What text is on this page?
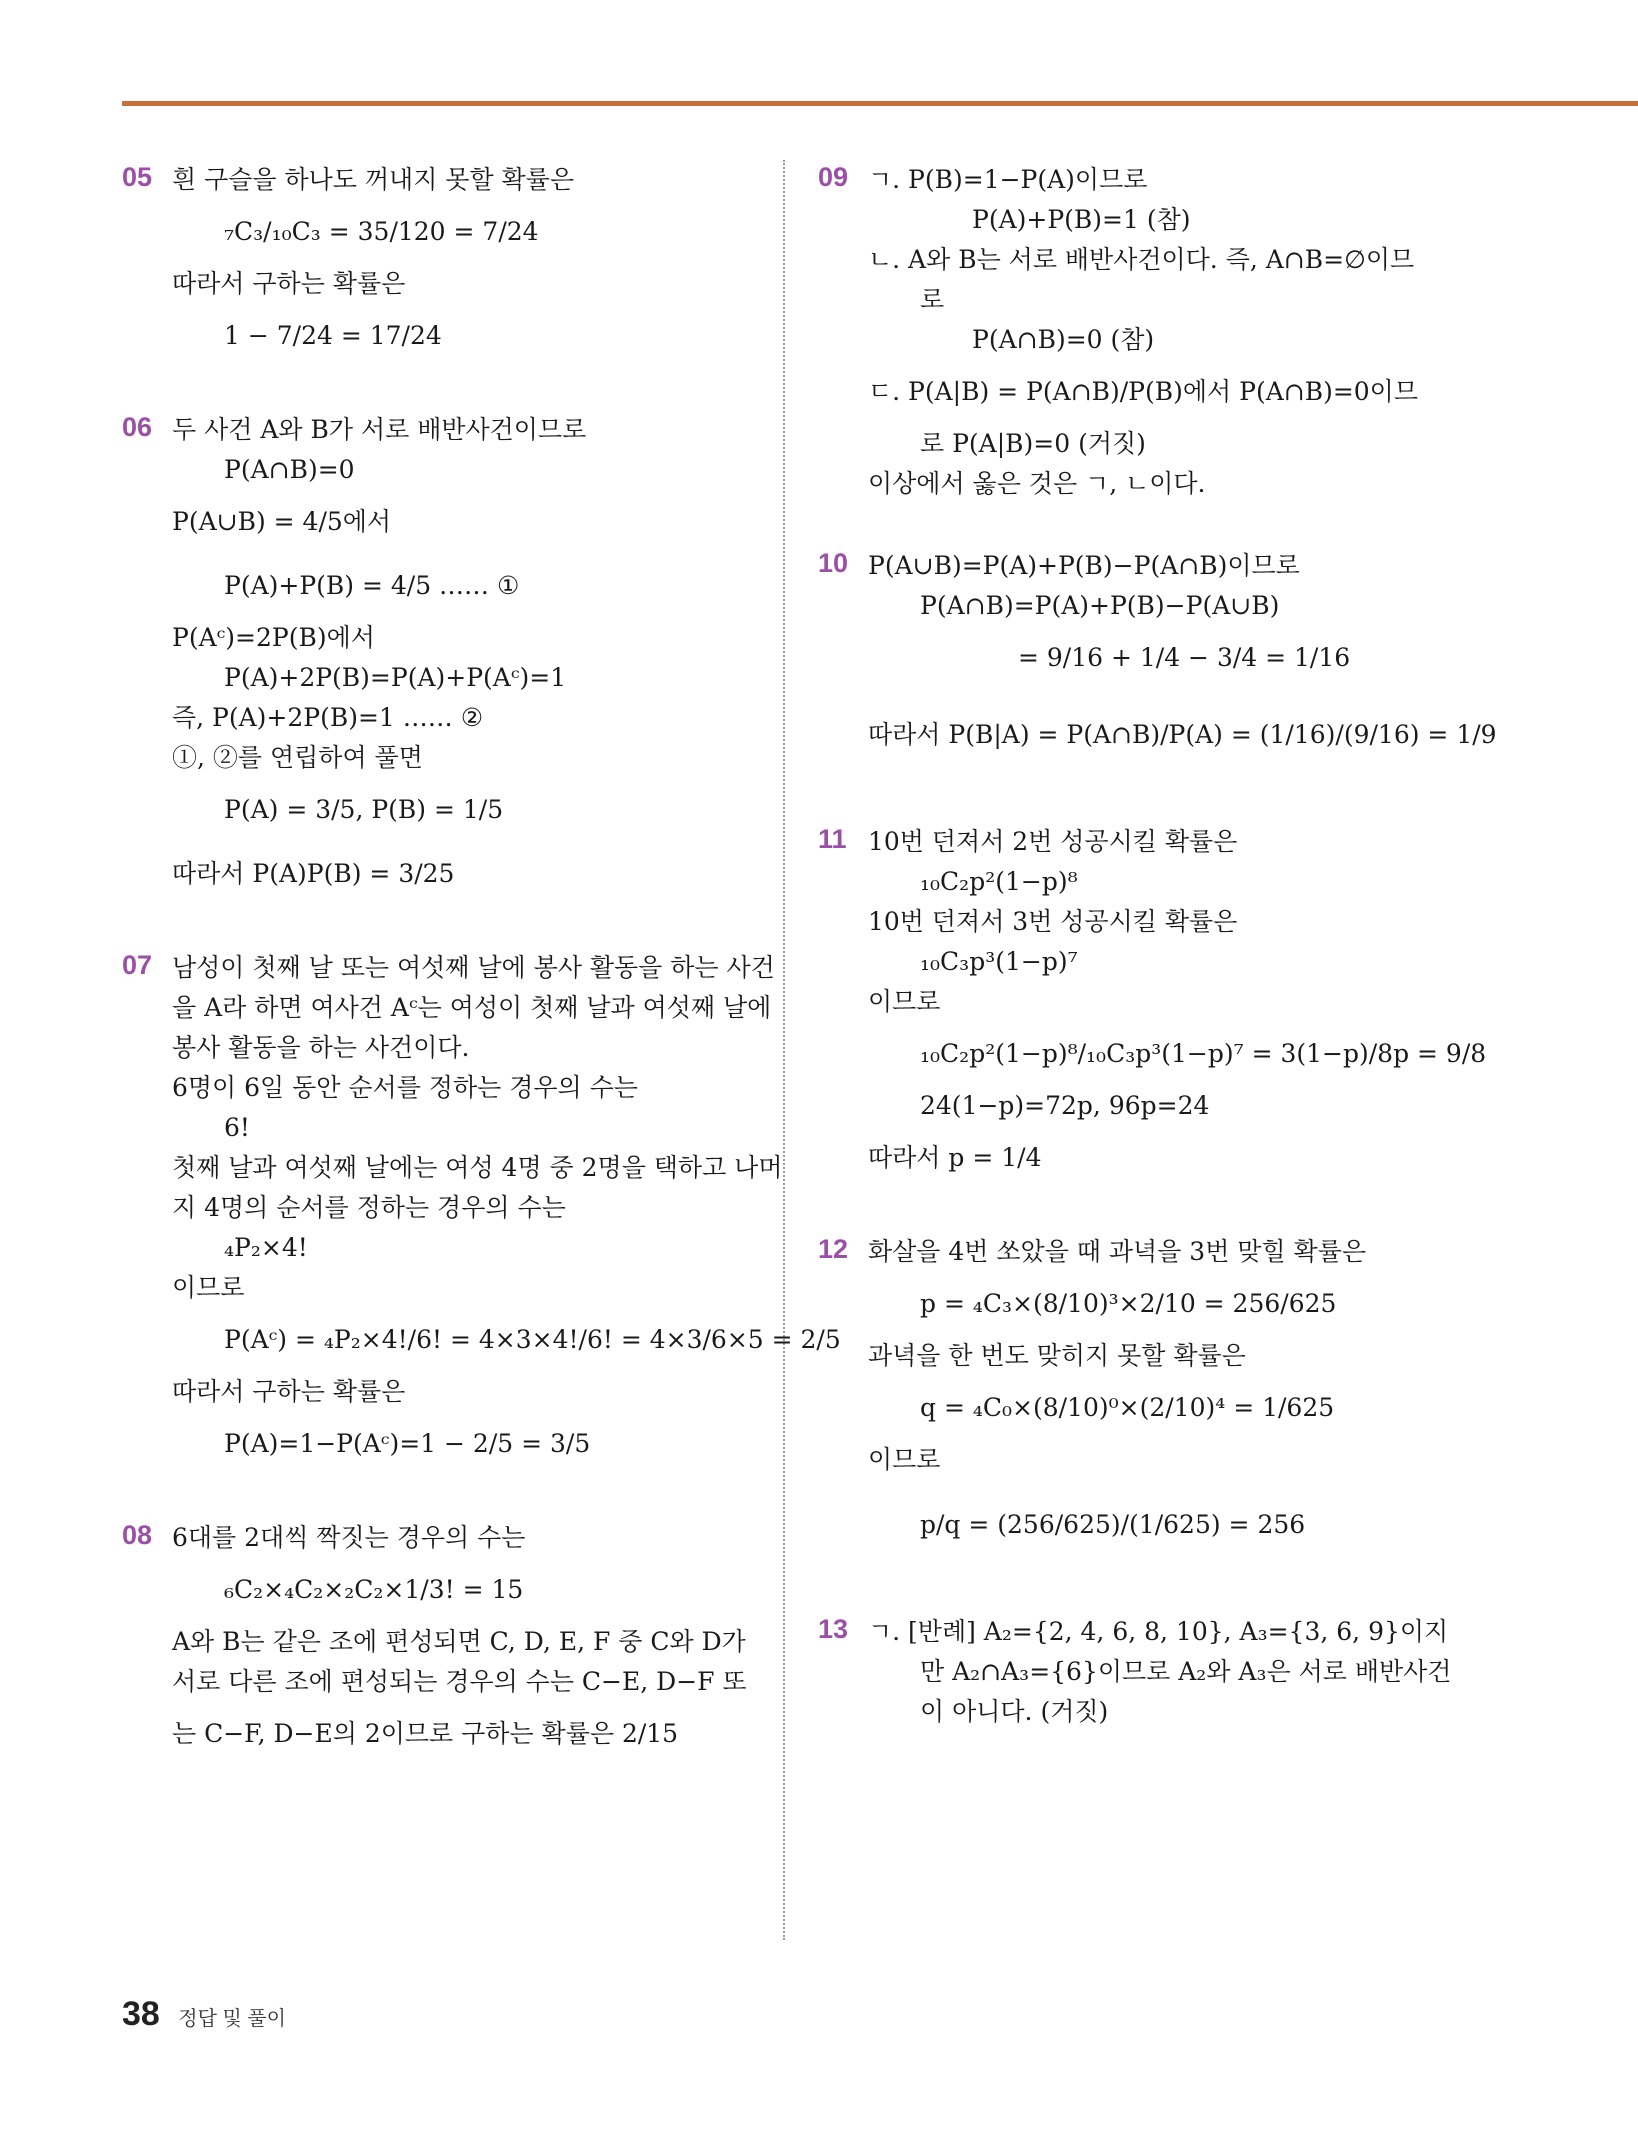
05 흰 구슬을 하나도 꺼내지 못할 확률은
₇C₃/₁₀C₃ = 35/120 = 7/24
따라서 구하는 확률은
1 − 7/24 = 17/24
06 두 사건 A와 B가 서로 배반사건이므로
P(A∩B)=0
P(A∪B) = 4/5에서
P(A)+P(B) = 4/5 …… ①
P(Aᶜ)=2P(B)에서
P(A)+2P(B)=P(A)+P(Aᶜ)=1
즉, P(A)+2P(B)=1 …… ②
①, ②를 연립하여 풀면
P(A) = 3/5, P(B) = 1/5
따라서 P(A)P(B) = 3/25
07 남성이 첫째 날 또는 여섯째 날에 봉사 활동을 하는 사건
을 A라 하면 여사건 Aᶜ는 여성이 첫째 날과 여섯째 날에
봉사 활동을 하는 사건이다.
6명이 6일 동안 순서를 정하는 경우의 수는
6!
첫째 날과 여섯째 날에는 여성 4명 중 2명을 택하고 나머
지 4명의 순서를 정하는 경우의 수는
₄P₂×4!
이므로
P(Aᶜ) = ₄P₂×4!/6! = 4×3×4!/6! = 4×3/6×5 = 2/5
따라서 구하는 확률은
P(A)=1−P(Aᶜ)=1 − 2/5 = 3/5
08 6대를 2대씩 짝짓는 경우의 수는
₆C₂×₄C₂×₂C₂×1/3! = 15
A와 B는 같은 조에 편성되면 C, D, E, F 중 C와 D가
서로 다른 조에 편성되는 경우의 수는 C−E, D−F 또
는 C−F, D−E의 2이므로 구하는 확률은 2/15
09 ㄱ. P(B)=1−P(A)이므로
P(A)+P(B)=1 (참)
ㄴ. A와 B는 서로 배반사건이다. 즉, A∩B=∅이므
로
P(A∩B)=0 (참)
ㄷ. P(A|B) = P(A∩B)/P(B)에서 P(A∩B)=0이므
로 P(A|B)=0 (거짓)
이상에서 옳은 것은 ㄱ, ㄴ이다.
10 P(A∪B)=P(A)+P(B)−P(A∩B)이므로
P(A∩B)=P(A)+P(B)−P(A∪B)
= 9/16 + 1/4 − 3/4 = 1/16
따라서 P(B|A) = P(A∩B)/P(A) = (1/16)/(9/16) = 1/9
11 10번 던져서 2번 성공시킬 확률은
₁₀C₂p²(1−p)⁸
10번 던져서 3번 성공시킬 확률은
₁₀C₃p³(1−p)⁷
이므로
₁₀C₂p²(1−p)⁸/₁₀C₃p³(1−p)⁷ = 3(1−p)/8p = 9/8
24(1−p)=72p, 96p=24
따라서 p = 1/4
12 화살을 4번 쏘았을 때 과녁을 3번 맞힐 확률은
p = ₄C₃×(8/10)³×2/10 = 256/625
과녁을 한 번도 맞히지 못할 확률은
q = ₄C₀×(8/10)⁰×(2/10)⁴ = 1/625
이므로
p/q = (256/625)/(1/625) = 256
13 ㄱ. [반례] A₂={2, 4, 6, 8, 10}, A₃={3, 6, 9}이지
만 A₂∩A₃={6}이므로 A₂와 A₃은 서로 배반사건
이 아니다. (거짓)
38 정답 및 풀이
